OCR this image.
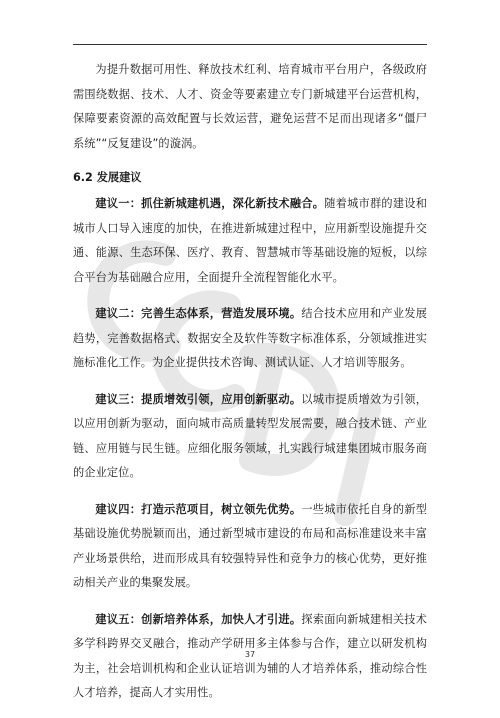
为提升数据可用性、释放技术红利、培育城市平台用户，各级政府需围绕数据、技术、人才、资金等要素建立专门新城建平台运营机构，保障要素资源的高效配置与长效运营，避免运营不足而出现诸多“僵尸系统”“反复建设”的漩涡。

6.2 发展建议

建议一：抓住新城建机遇，深化新技术融合。随着城市群的建设和城市人口导入速度的加快，在推进新城建过程中，应用新型设施提升交通、能源、生态环保、医疗、教育、智慧城市等基础设施的短板，以综合平台为基础融合应用，全面提升全流程智能化水平。

建议二：完善生态体系，营造发展环境。结合技术应用和产业发展趋势，完善数据格式、数据安全及软件等数字标准体系，分领域推进实施标准化工作。为企业提供技术咨询、测试认证、人才培训等服务。

建议三：提质增效引领，应用创新驱动。以城市提质增效为引领，以应用创新为驱动，面向城市高质量转型发展需要，融合技术链、产业链、应用链与民生链。应细化服务领域，扎实践行城建集团城市服务商的企业定位。

建议四：打造示范项目，树立领先优势。一些城市依托自身的新型基础设施优势脱颖而出，通过新型城市建设的布局和高标准建设来丰富产业场景供给，进而形成具有较强特异性和竞争力的核心优势，更好推动相关产业的集聚发展。

建议五：创新培养体系，加快人才引进。探索面向新城建相关技术多学科跨界交叉融合，推动产学研用多主体参与合作，建立以研发机构为主，社会培训机构和企业认证培训为辅的人才培养体系，推动综合性人才培养，提高人才实用性。

37
